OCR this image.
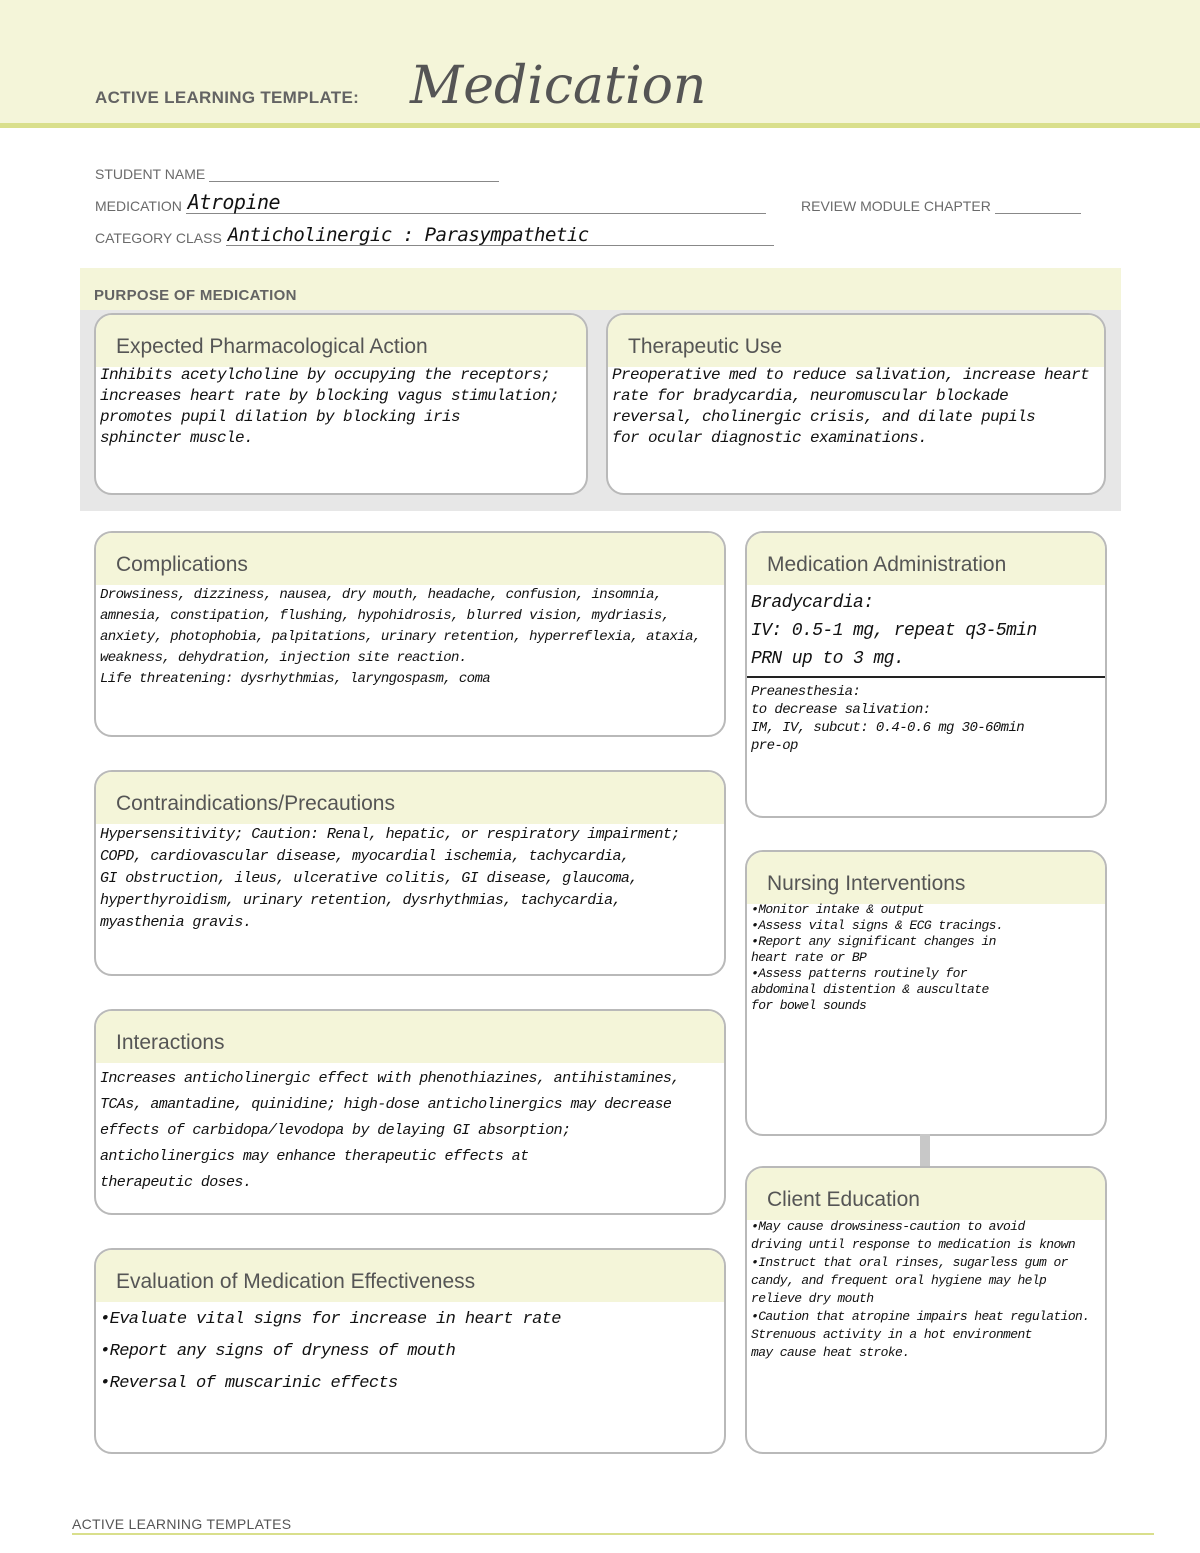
ACTIVE LEARNING TEMPLATE: Medication
STUDENT NAME
MEDICATION Atropine	REVIEW MODULE CHAPTER
CATEGORY CLASS Anticholinergic : Parasympathetic
PURPOSE OF MEDICATION
Expected Pharmacological Action
Inhibits acetylcholine by occupying the receptors;
increases heart rate by blocking vagus stimulation;
promotes pupil dilation by blocking iris
sphincter muscle.
Therapeutic Use
Preoperative med to reduce salivation, increase heart
rate for bradycardia, neuromuscular blockade
reversal, cholinergic crisis, and dilate pupils
for ocular diagnostic examinations.
Complications
Drowsiness, dizziness, nausea, dry mouth, headache, confusion, insomnia,
amnesia, constipation, flushing, hypohidrosis, blurred vision, mydriasis,
anxiety, photophobia, palpitations, urinary retention, hyperreflexia, ataxia,
weakness, dehydration, injection site reaction.
Life threatening: dysrhythmias, laryngospasm, coma
Medication Administration
Bradycardia:
IV: 0.5-1 mg, repeat q3-5min
PRN up to 3 mg.
Preanesthesia:
to decrease salivation:
IM, IV, subcut: 0.4-0.6 mg 30-60min
pre-op
Contraindications/Precautions
Hypersensitivity; Caution: Renal, hepatic, or respiratory impairment;
COPD, cardiovascular disease, myocardial ischemia, tachycardia,
GI obstruction, ileus, ulcerative colitis, GI disease, glaucoma,
hyperthyroidism, urinary retention, dysrhythmias, tachycardia,
myasthenia gravis.
Nursing Interventions
•Monitor intake & output
•Assess vital signs & ECG tracings.
•Report any significant changes in
heart rate or BP
•Assess patterns routinely for
abdominal distention & auscultate
for bowel sounds
Interactions
Increases anticholinergic effect with phenothiazines, antihistamines,
TCAs, amantadine, quinidine; high-dose anticholinergics may decrease
effects of carbidopa/levodopa by delaying GI absorption;
anticholinergics may enhance therapeutic effects at
therapeutic doses.
Client Education
•May cause drowsiness-caution to avoid
driving until response to medication is known
•Instruct that oral rinses, sugarless gum or
candy, and frequent oral hygiene may help
relieve dry mouth
•Caution that atropine impairs heat regulation.
Strenuous activity in a hot environment
may cause heat stroke.
Evaluation of Medication Effectiveness
•Evaluate vital signs for increase in heart rate
•Report any signs of dryness of mouth
•Reversal of muscarinic effects
ACTIVE LEARNING TEMPLATES
